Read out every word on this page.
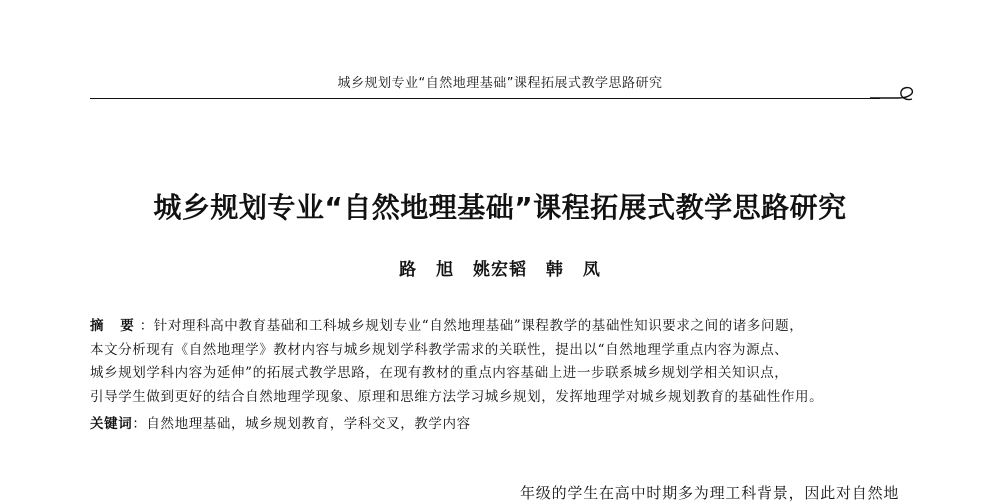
城乡规划专业“自然地理基础”课程拓展式教学思路研究
城乡规划专业“自然地理基础”课程拓展式教学思路研究
路 旭 姚宏韬 韩 凤
摘 要：针对理科高中教育基础和工科城乡规划专业“自然地理基础”课程教学的基础性知识要求之间的诸多问题，
本文分析现有《自然地理学》教材内容与城乡规划学科教学需求的关联性，提出以“自然地理学重点内容为源点、
城乡规划学科内容为延伸”的拓展式教学思路，在现有教材的重点内容基础上进一步联系城乡规划学相关知识点，
引导学生做到更好的结合自然地理学现象、原理和思维方法学习城乡规划，发挥地理学对城乡规划教育的基础性作用。
关键词：自然地理基础，城乡规划教育，学科交叉，教学内容
年级的学生在高中时期多为理工科背景，因此对自然地
